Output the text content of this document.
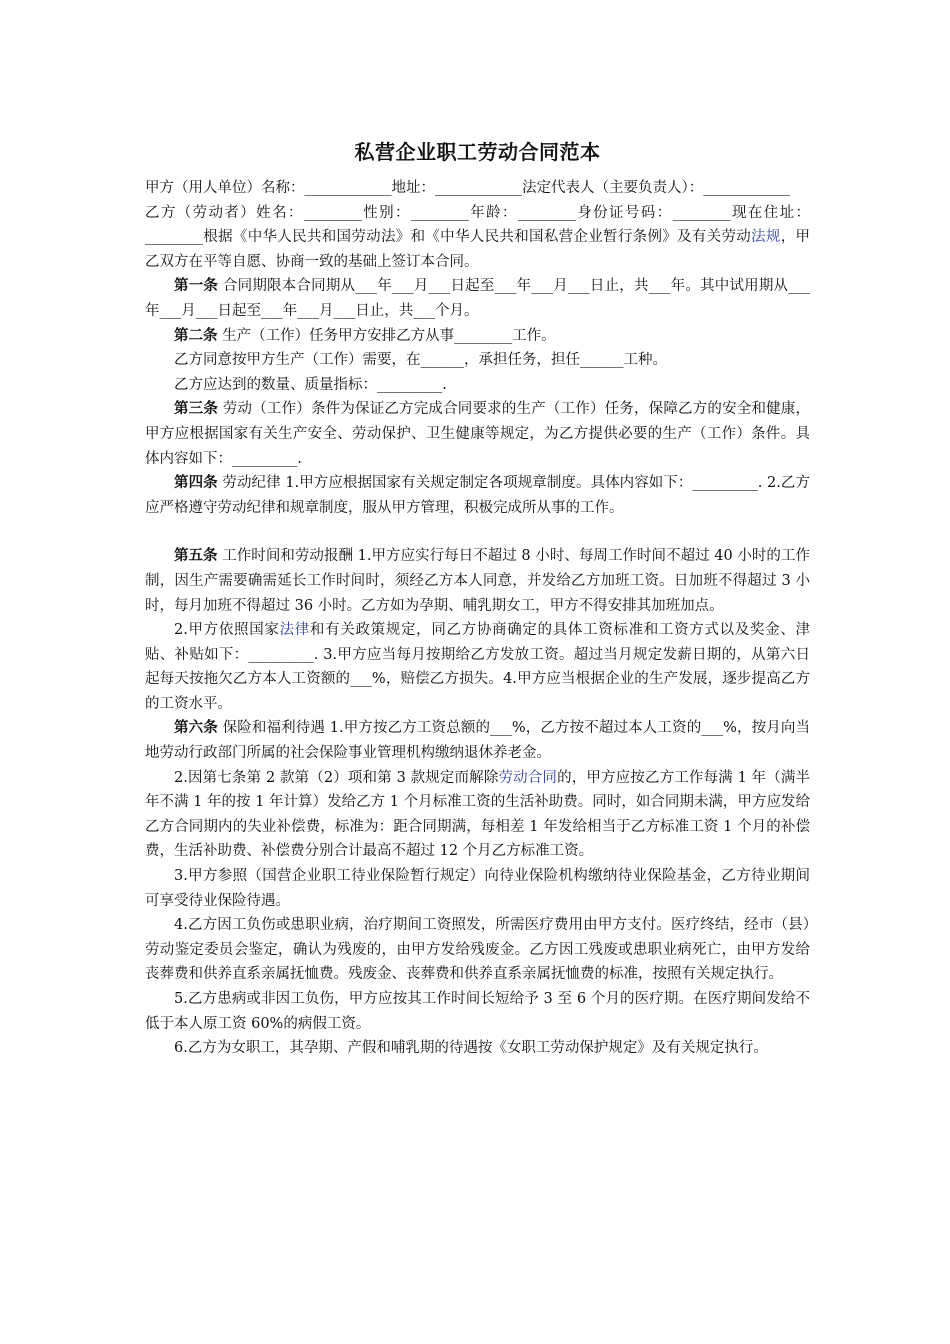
私营企业职工劳动合同范本

甲方（用人单位）名称：____________地址：____________法定代表人（主要负责人）：____________

乙方（劳动者）姓名：________性别：________年龄：________身份证号码：________现在住址：________根据《中华人民共和国劳动法》和《中华人民共和国私营企业暂行条例》及有关劳动法规，甲乙双方在平等自愿、协商一致的基础上签订本合同。

第一条 合同期限本合同期从___年___月___日起至___年___月___日止，共___年。其中试用期从___年___月___日起至___年___月___日止，共___个月。

第二条 生产（工作）任务甲方安排乙方从事________工作。

乙方同意按甲方生产（工作）需要，在______，承担任务，担任______工种。

乙方应达到的数量、质量指标：_________.

第三条 劳动（工作）条件为保证乙方完成合同要求的生产（工作）任务，保障乙方的安全和健康，甲方应根据国家有关生产安全、劳动保护、卫生健康等规定，为乙方提供必要的生产（工作）条件。具体内容如下：_________.

第四条 劳动纪律 1.甲方应根据国家有关规定制定各项规章制度。具体内容如下：_________. 2.乙方应严格遵守劳动纪律和规章制度，服从甲方管理，积极完成所从事的工作。

第五条 工作时间和劳动报酬 1.甲方应实行每日不超过 8 小时、每周工作时间不超过 40 小时的工作制，因生产需要确需延长工作时间时，须经乙方本人同意，并发给乙方加班工资。日加班不得超过 3 小时，每月加班不得超过 36 小时。乙方如为孕期、哺乳期女工，甲方不得安排其加班加点。

2.甲方依照国家法律和有关政策规定，同乙方协商确定的具体工资标准和工资方式以及奖金、津贴、补贴如下：_________. 3.甲方应当每月按期给乙方发放工资。超过当月规定发薪日期的，从第六日起每天按拖欠乙方本人工资额的___%，赔偿乙方损失。4.甲方应当根据企业的生产发展，逐步提高乙方的工资水平。

第六条 保险和福利待遇 1.甲方按乙方工资总额的___%，乙方按不超过本人工资的___%，按月向当地劳动行政部门所属的社会保险事业管理机构缴纳退休养老金。

2.因第七条第 2 款第（2）项和第 3 款规定而解除劳动合同的，甲方应按乙方工作每满 1 年（满半年不满 1 年的按 1 年计算）发给乙方 1 个月标准工资的生活补助费。同时，如合同期未满，甲方应发给乙方合同期内的失业补偿费，标准为：距合同期满，每相差 1 年发给相当于乙方标准工资 1 个月的补偿费，生活补助费、补偿费分别合计最高不超过 12 个月乙方标准工资。

3.甲方参照（国营企业职工待业保险暂行规定）向待业保险机构缴纳待业保险基金，乙方待业期间可享受待业保险待遇。

4.乙方因工负伤或患职业病，治疗期间工资照发，所需医疗费用由甲方支付。医疗终结，经市（县）劳动鉴定委员会鉴定，确认为残废的，由甲方发给残废金。乙方因工残废或患职业病死亡，由甲方发给丧葬费和供养直系亲属抚恤费。残废金、丧葬费和供养直系亲属抚恤费的标准，按照有关规定执行。

5.乙方患病或非因工负伤，甲方应按其工作时间长短给予 3 至 6 个月的医疗期。在医疗期间发给不低于本人原工资 60%的病假工资。

6.乙方为女职工，其孕期、产假和哺乳期的待遇按《女职工劳动保护规定》及有关规定执行。
